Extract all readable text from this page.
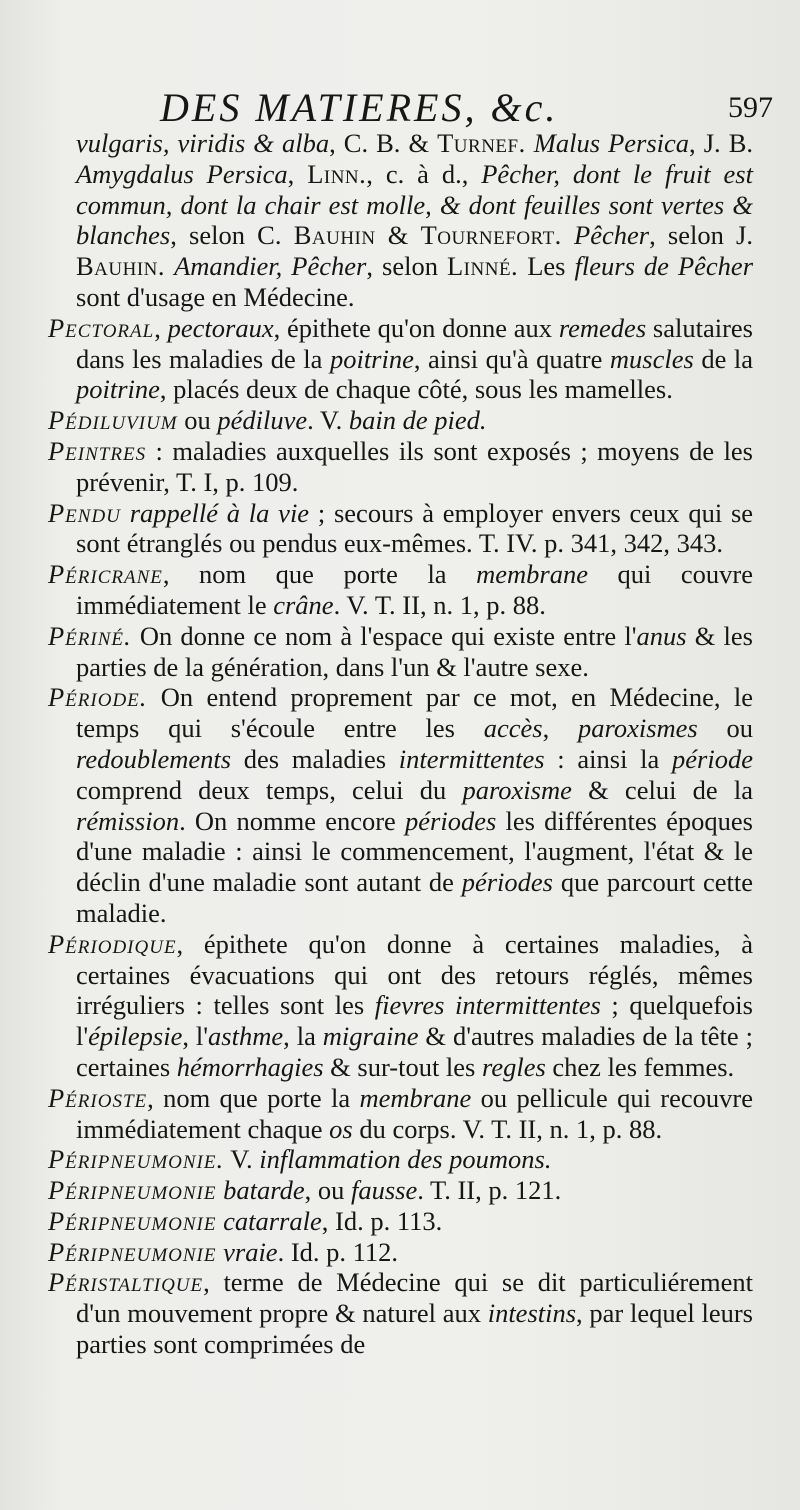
DES MATIERES, &c.	597

vulgaris, viridis & alba, C. B. & Turnef. Malus Persica, J. B. Amygdalus Persica, Linn., c. à d., Pêcher, dont le fruit est commun, dont la chair est molle, & dont feuilles sont vertes & blanches, selon C. Bauhin & Tournefort. Pêcher, selon J. Bauhin. Amandier, Pêcher, selon Linné. Les fleurs de Pêcher sont d'usage en Médecine.

Pectoral, pectoraux, épithete qu'on donne aux remedes salutaires dans les maladies de la poitrine, ainsi qu'à quatre muscles de la poitrine, placés deux de chaque côté, sous les mamelles.

Pédiluvium ou pédiluve. V. bain de pied.

Peintres : maladies auxquelles ils sont exposés ; moyens de les prévenir, T. I, p. 109.

Pendu rappellé à la vie ; secours à employer envers ceux qui se sont étranglés ou pendus eux-mêmes. T. IV. p. 341, 342, 343.

Péricrane, nom que porte la membrane qui couvre immédiatement le crâne. V. T. II, n. 1, p. 88.

Périné. On donne ce nom à l'espace qui existe entre l'anus & les parties de la génération, dans l'un & l'autre sexe.

Période. On entend proprement par ce mot, en Médecine, le temps qui s'écoule entre les accès, paroxismes ou redoublements des maladies intermittentes : ainsi la période comprend deux temps, celui du paroxisme & celui de la rémission. On nomme encore périodes les différentes époques d'une maladie : ainsi le commencement, l'augment, l'état & le déclin d'une maladie sont autant de périodes que parcourt cette maladie.

Périodique, épithete qu'on donne à certaines maladies, à certaines évacuations qui ont des retours réglés, mêmes irréguliers : telles sont les fievres intermittentes ; quelquefois l'épilepsie, l'asthme, la migraine & d'autres maladies de la tête ; certaines hémorrhagies & sur-tout les regles chez les femmes.

Périoste, nom que porte la membrane ou pellicule qui recouvre immédiatement chaque os du corps. V. T. II, n. 1, p. 88.

Péripneumonie. V. inflammation des poumons.

Péripneumonie batarde, ou fausse. T. II, p. 121.

Péripneumonie catarrale, Id. p. 113.

Péripneumonie vraie. Id. p. 112.

Péristaltique, terme de Médecine qui se dit particuliérement d'un mouvement propre & naturel aux intestins, par lequel leurs parties sont comprimées de
